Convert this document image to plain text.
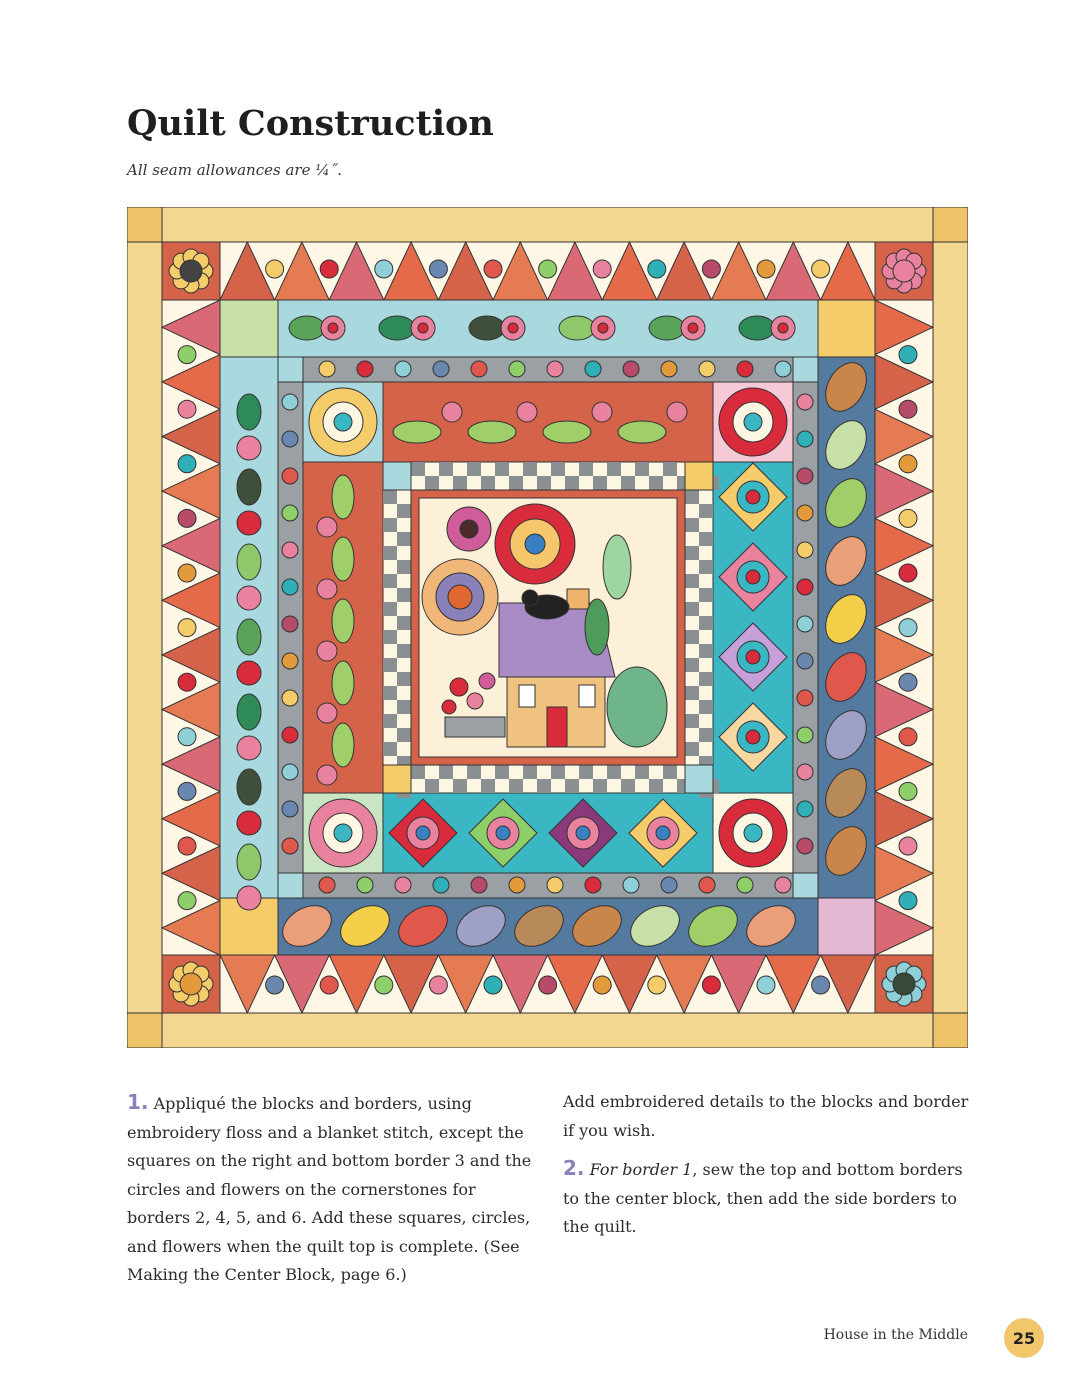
Quilt Construction

All seam allowances are ¼˝.

1. Appliqué the blocks and borders, using embroidery floss and a blanket stitch, except the squares on the right and bottom border 3 and the circles and flowers on the cornerstones for borders 2, 4, 5, and 6. Add these squares, circles, and flowers when the quilt top is complete. (See Making the Center Block, page 6.)

Add embroidered details to the blocks and border if you wish.

2. For border 1, sew the top and bottom borders to the center block, then add the side borders to the quilt.

House in the Middle	25
